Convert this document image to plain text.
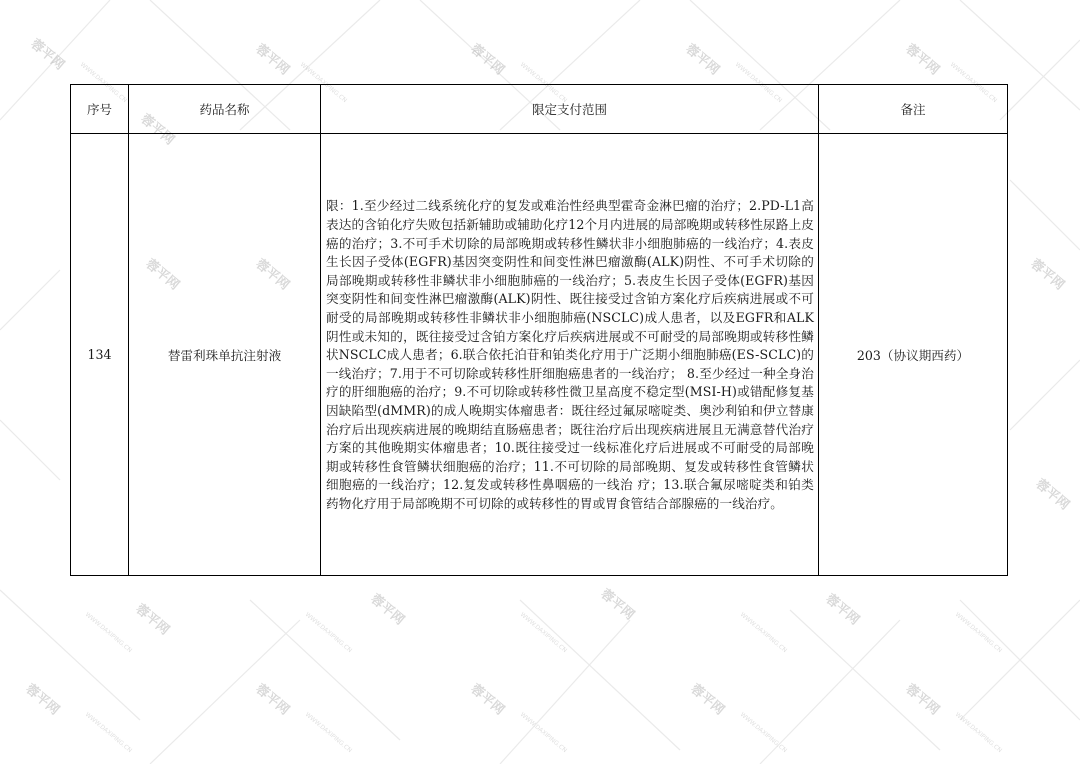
蓉平网	蓉平网	蓉平网	蓉平网	蓉平网
蓉平网
蓉平网	蓉平网	蓉平网
蓉平网
蓉平网	蓉平网	蓉平网	蓉平网
蓉平网	蓉平网	蓉平网	蓉平网	蓉平网
WWW.DAXIPING.CN	WWW.DAXIPING.CN	WWW.DAXIPING.CN	WWW.DAXIPING.CN	WWW.DAXIPING.CN
WWW.DAXIPING.CN	WWW.DAXIPING.CN	WWW.DAXIPING.CN	WWW.DAXIPING.CN	WWW.DAXIPING.CN
WWW.DAXIPING.CN	WWW.DAXIPING.CN	WWW.DAXIPING.CN	WWW.DAXIPING.CN	WWW.DAXIPING.CN
序号	药品名称	限定支付范围	备注

134	替雷利珠单抗注射液	限：1.至少经过二线系统化疗的复发或难治性经典型霍奇金淋巴瘤的治疗；2.PD-L1高表达的含铂化疗失败包括新辅助或辅助化疗12个月内进展的局部晚期或转移性尿路上皮癌的治疗；3.不可手术切除的局部晚期或转移性鳞状非小细胞肺癌的一线治疗；4.表皮生长因子受体(EGFR)基因突变阴性和间变性淋巴瘤激酶(ALK)阴性、不可手术切除的局部晚期或转移性非鳞状非小细胞肺癌的一线治疗；5.表皮生长因子受体(EGFR)基因突变阴性和间变性淋巴瘤激酶(ALK)阴性、既往接受过含铂方案化疗后疾病进展或不可耐受的局部晚期或转移性非鳞状非小细胞肺癌(NSCLC)成人患者，以及EGFR和ALK阴性或未知的，既往接受过含铂方案化疗后疾病进展或不可耐受的局部晚期或转移性鳞状NSCLC成人患者；6.联合依托泊苷和铂类化疗用于广泛期小细胞肺癌(ES-SCLC)的一线治疗；7.用于不可切除或转移性肝细胞癌患者的一线治疗； 8.至少经过一种全身治疗的肝细胞癌的治疗；9.不可切除或转移性微卫星高度不稳定型(MSI-H)或错配修复基因缺陷型(dMMR)的成人晚期实体瘤患者：既往经过氟尿嘧啶类、奥沙利铂和伊立替康治疗后出现疾病进展的晚期结直肠癌患者；既往治疗后出现疾病进展且无满意替代治疗方案的其他晚期实体瘤患者；10.既往接受过一线标准化疗后进展或不可耐受的局部晚期或转移性食管鳞状细胞癌的治疗；11.不可切除的局部晚期、复发或转移性食管鳞状细胞癌的一线治疗；12.复发或转移性鼻咽癌的一线治 疗；13.联合氟尿嘧啶类和铂类药物化疗用于局部晚期不可切除的或转移性的胃或胃食管结合部腺癌的一线治疗。	203（协议期西药）
